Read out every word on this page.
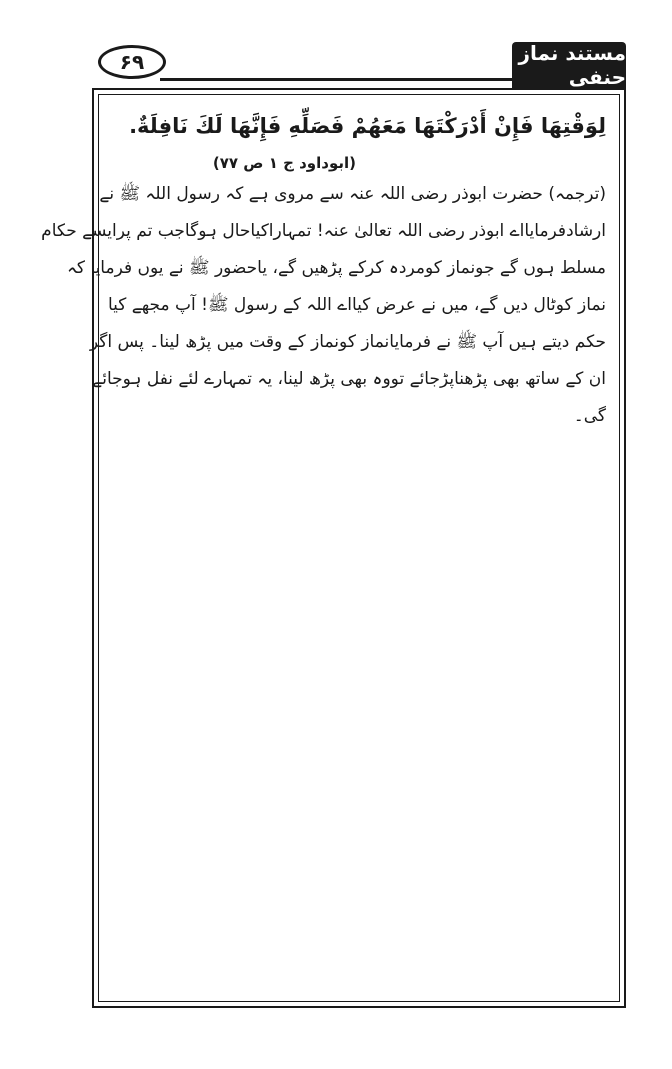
۶۹	مستند نماز حنفی
لِوَقْتِهَا فَإِنْ أَدْرَكْتَهَا مَعَهُمْ فَصَلِّهِ فَإِنَّهَا لَكَ نَافِلَةٌ.
(ابوداود ج ۱ ص ۷۷)
(ترجمہ) حضرت ابوذر رضی اللہ عنہ سے مروی ہے کہ رسول اللہ ﷺ نے
ارشادفرمایااے ابوذر رضی اللہ تعالیٰ عنہ! تمہاراکیاحال ہوگاجب تم پرایسے حکام
مسلط ہوں گے جونماز کومردہ کرکے پڑھیں گے، یاحضور ﷺ نے یوں فرمایا کہ
نماز کوٹال دیں گے، میں نے عرض کیااے اللہ کے رسول ﷺ! آپ مجھے کیا
حکم دیتے ہیں آپ ﷺ نے فرمایانماز کونماز کے وقت میں پڑھ لینا۔ پس اگر
ان کے ساتھ بھی پڑھناپڑجائے تووہ بھی پڑھ لینا، یہ تمہارے لئے نفل ہوجائے
گی۔
